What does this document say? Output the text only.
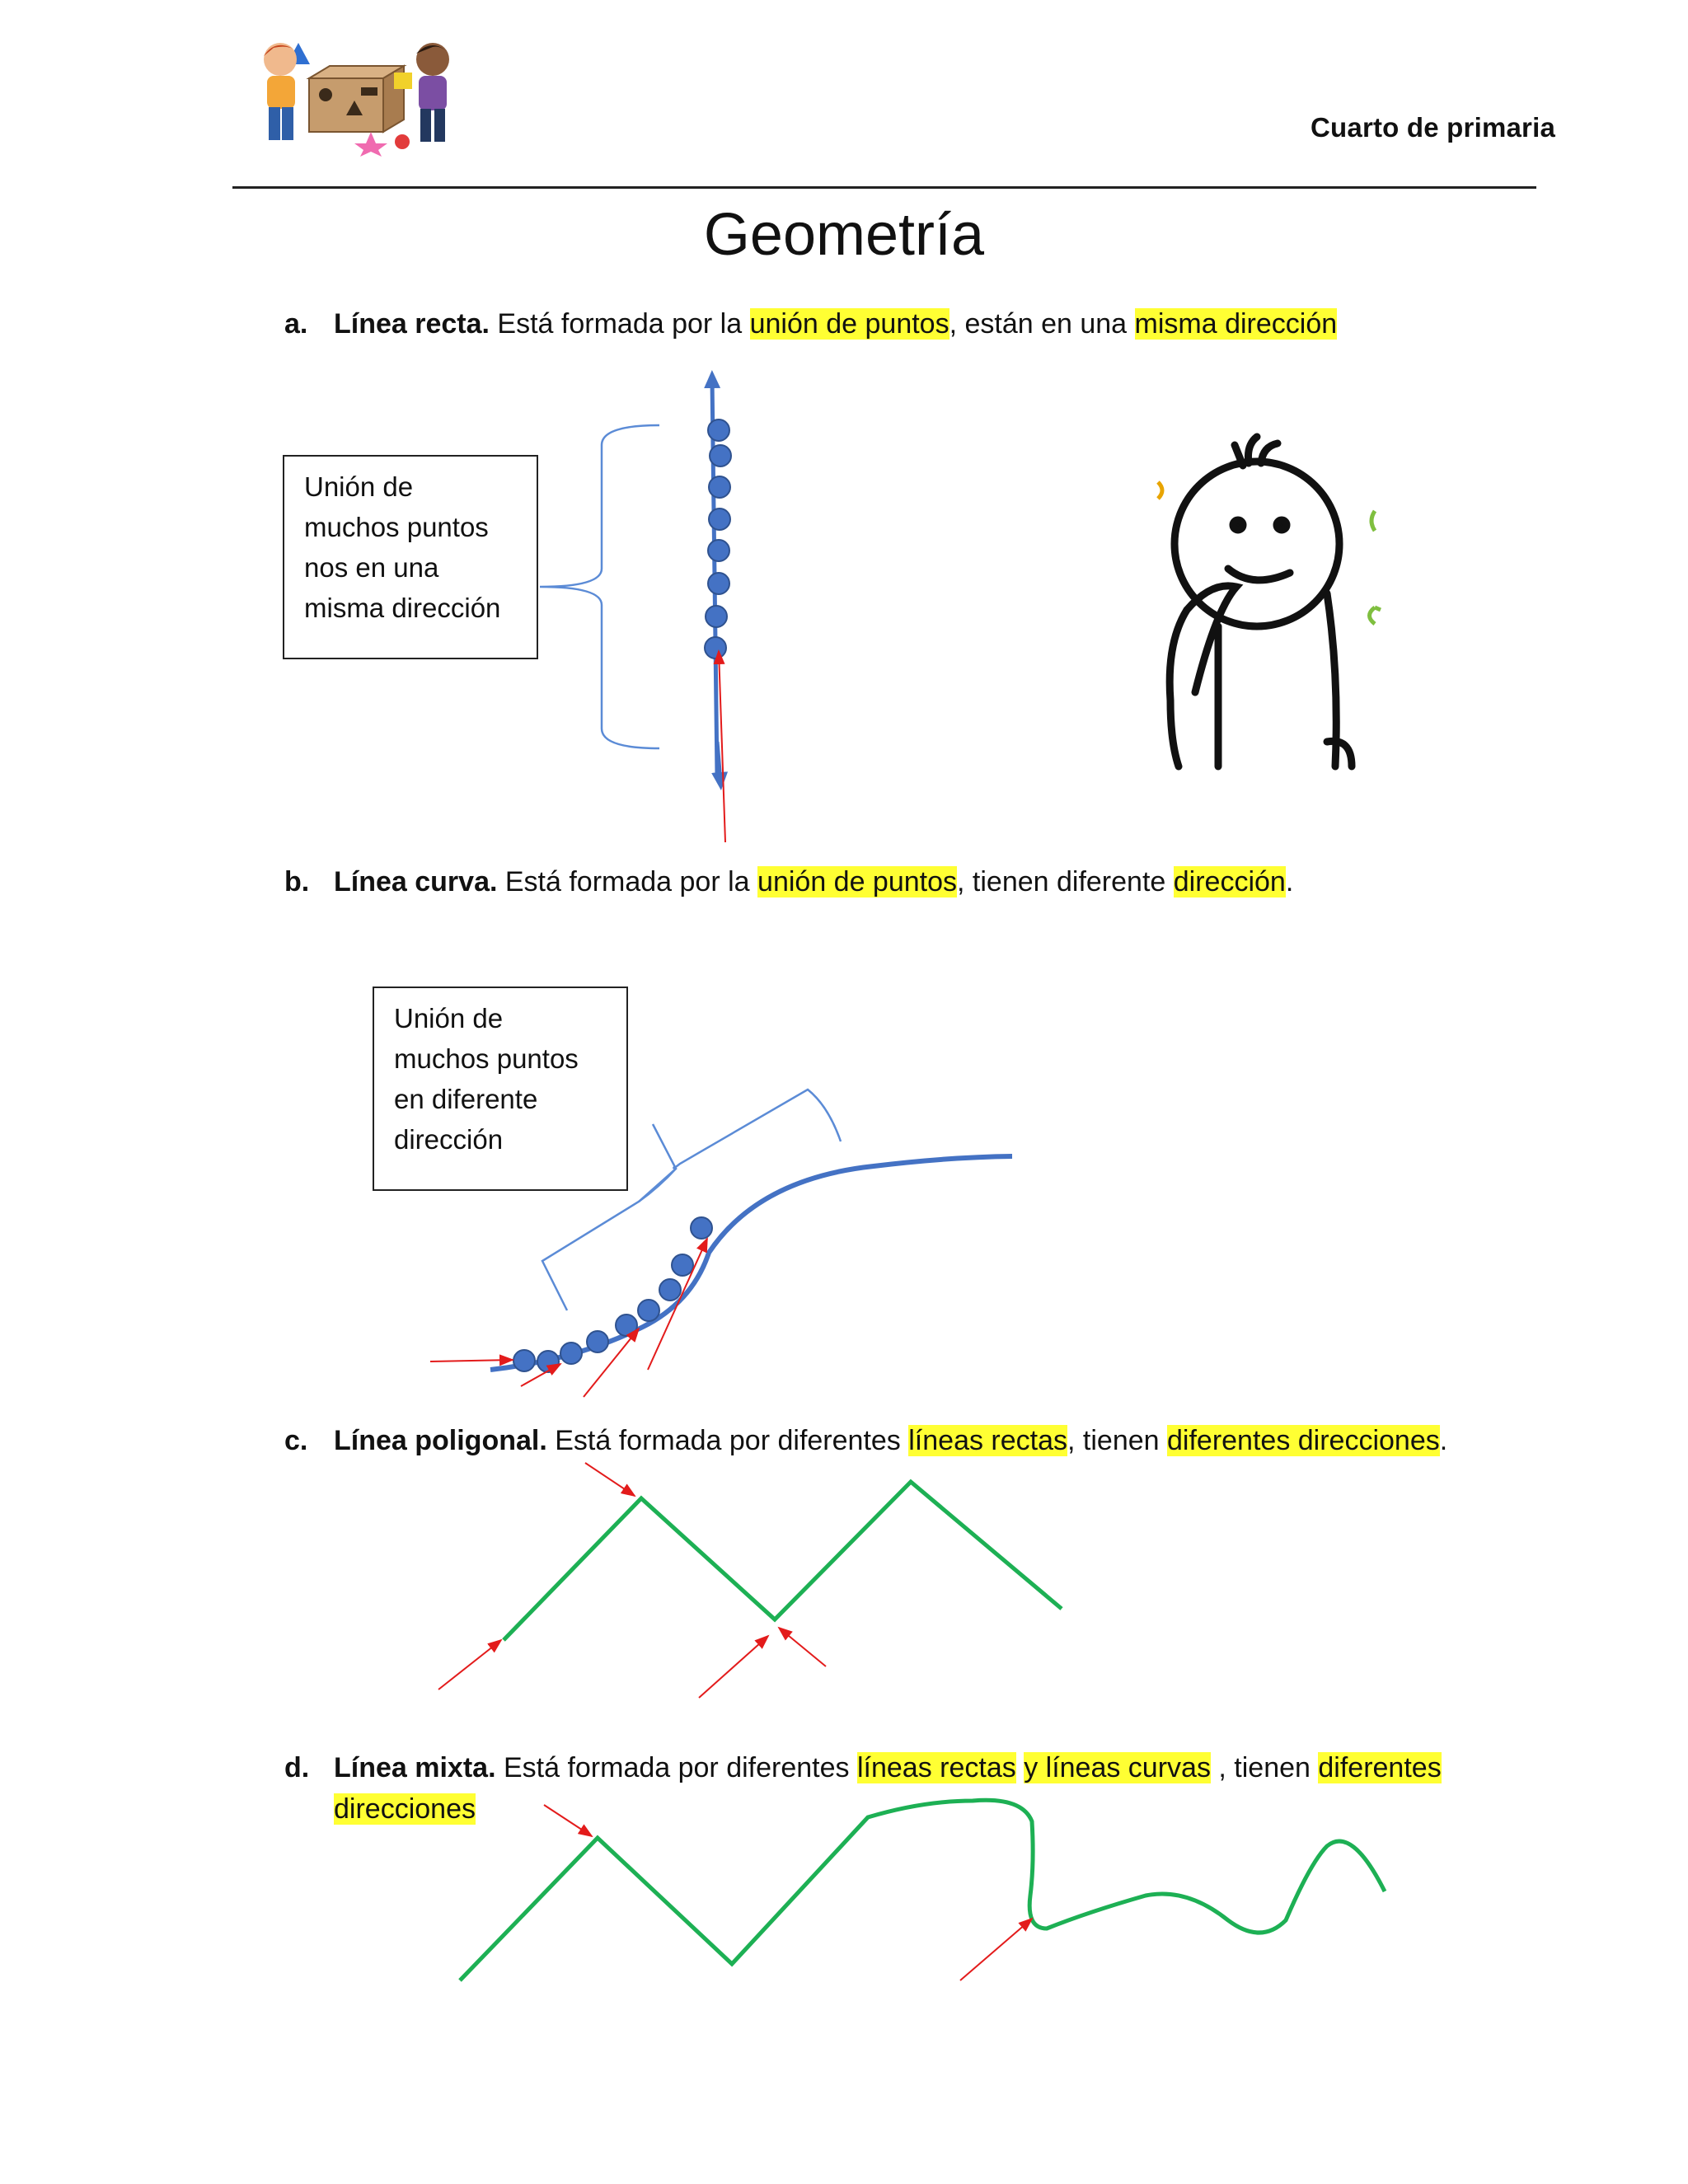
Cuarto de primaria
Geometría
a. Línea recta. Está formada por la unión de puntos, están en una misma dirección
b. Línea curva. Está formada por la unión de puntos, tienen diferente dirección.
c. Línea poligonal. Está formada por diferentes líneas rectas, tienen diferentes direcciones.
d. Línea mixta. Está formada por diferentes líneas rectas y líneas curvas , tienen diferentes
direcciones
Unión de
muchos puntos
nos en una
misma dirección
Unión de
muchos puntos
en diferente
dirección
